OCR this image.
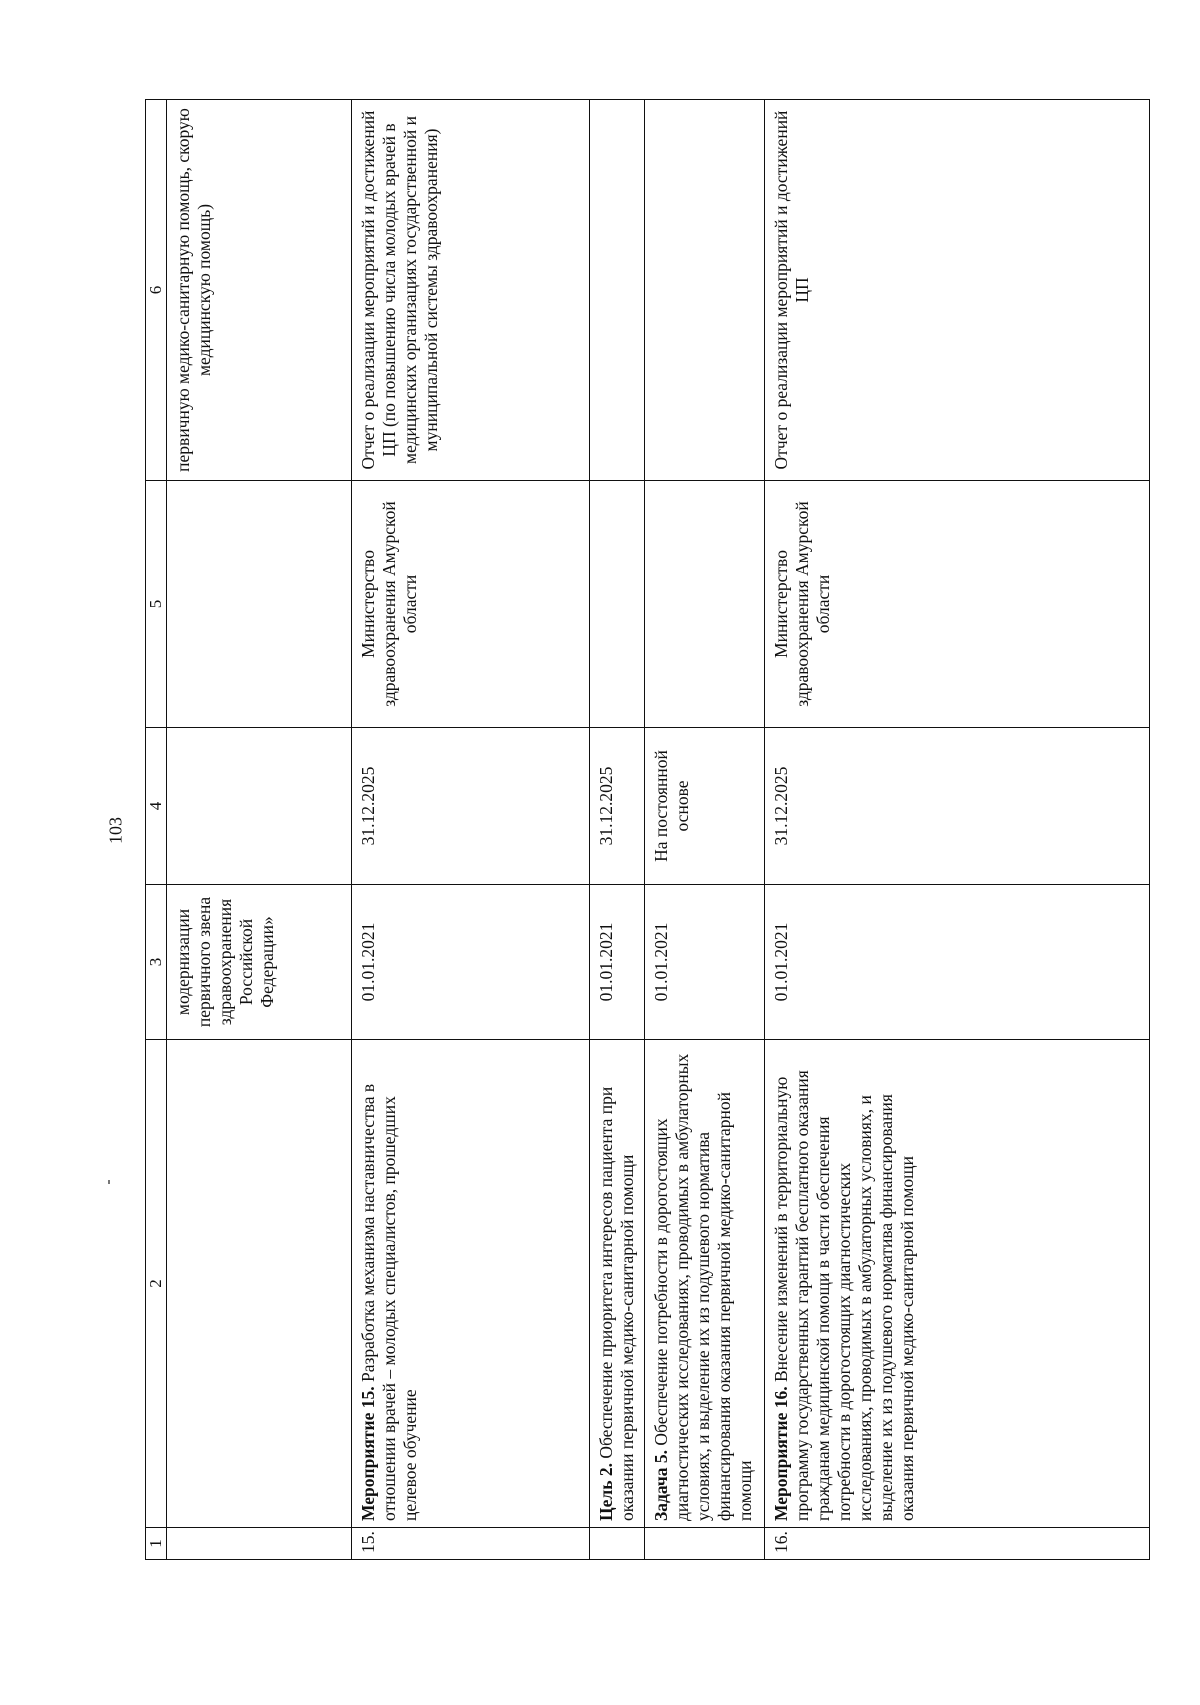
103
1	2	3	4	5	6
		модернизации первичного звена здравоохранения Российской Федерации»			первичную медико-санитарную помощь, скорую медицинскую помощь)
15.	Мероприятие 15. Разработка механизма наставничества в отношении врачей – молодых специалистов, прошедших целевое обучение	01.01.2021	31.12.2025	Министерство здравоохранения Амурской области	Отчет о реализации мероприятий и достижений ЦП (по повышению числа молодых врачей в медицинских организациях государственной и муниципальной системы здравоохранения)
	Цель 2. Обеспечение приоритета интересов пациента при оказании первичной медико-санитарной помощи	01.01.2021	31.12.2025		
	Задача 5. Обеспечение потребности в дорогостоящих диагностических исследованиях, проводимых в амбулаторных условиях, и выделение их из подушевого норматива финансирования оказания первичной медико-санитарной помощи	01.01.2021	На постоянной основе		
16.	Мероприятие 16. Внесение изменений в территориальную программу государственных гарантий бесплатного оказания гражданам медицинской помощи в части обеспечения потребности в дорогостоящих диагностических исследованиях, проводимых в амбулаторных условиях, и выделение их из подушевого норматива финансирования оказания первичной медико-санитарной помощи	01.01.2021	31.12.2025	Министерство здравоохранения Амурской области	Отчет о реализации мероприятий и достижений ЦП
